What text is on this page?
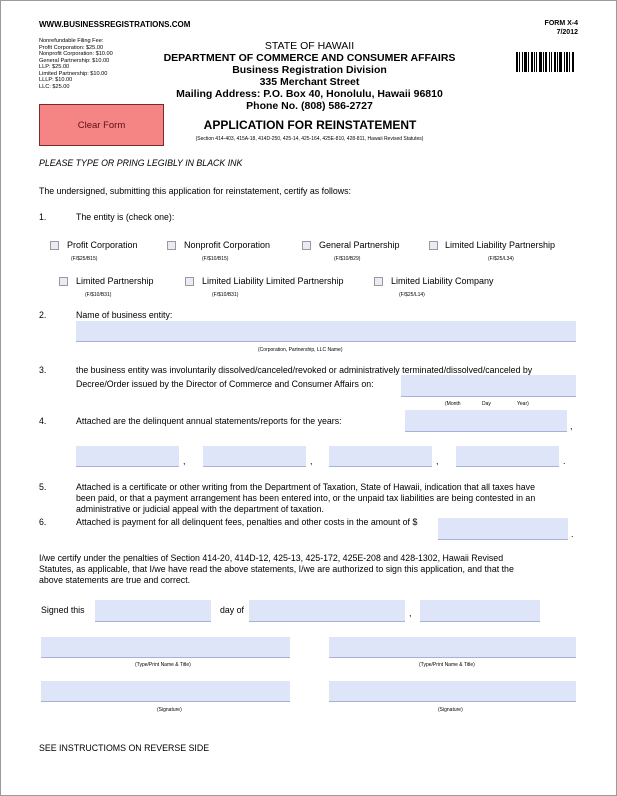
WWW.BUSINESSREGISTRATIONS.COM
Nonrefundable Filing Fee:
Profit Corporation: $25.00
Nonprofit Corporation: $10.00
General Partnership: $10.00
LLP: $25.00
Limited Partnership: $10.00
LLLP: $10.00
LLC: $25.00
FORM X-4
7/2012
STATE OF HAWAII
DEPARTMENT OF COMMERCE AND CONSUMER AFFAIRS
Business Registration Division
335 Merchant Street
Mailing Address: P.O. Box 40, Honolulu, Hawaii 96810
Phone No. (808) 586-2727
Clear Form	APPLICATION FOR REINSTATEMENT
(Section 414-403, 415A-18, 414D-250, 425-14, 425-164, 425E-810, 428-811, Hawaii Revised Statutes)
PLEASE TYPE OR PRING LEGIBLY IN BLACK INK
The undersigned, submitting this application for reinstatement, certify as follows:
1.	The entity is (check one):
Profit Corporation
(F/$25/B15)
Nonprofit Corporation
(F/$10/B15)
General Partnership
(F/$10/B29)
Limited Liability Partnership
(F/$25/L34)
Limited Partnership
(F/$10/B31)
Limited Liability Limited Partnership
(F/$10/B31)
Limited Liability Company
(F/$25/L14)
2.	Name of business entity:
(Corporation, Partnership, LLC Name)
3.	the business entity was involuntarily dissolved/canceled/revoked or administratively terminated/dissolved/canceled by
Decree/Order issued by the Director of Commerce and Consumer Affairs on:
(Month	Day	Year)
4.	Attached are the delinquent annual statements/reports for the years:	,
,	,	,	.
5.	Attached is a certificate or other writing from the Department of Taxation, State of Hawaii, indication that all taxes have
been paid, or that a payment arrangement has been entered into, or the unpaid tax liabilities are being contested in an
administrative or judicial appeal with the department of taxation.
6.	Attached is payment for all delinquent fees, penalties and other costs in the amount of $
.
I/we certify under the penalties of Section 414-20, 414D-12, 425-13, 425-172, 425E-208 and 428-1302, Hawaii Revised
Statutes, as applicable, that I/we have read the above statements, I/we are authorized to sign this application, and that the
above statements are true and correct.
Signed this	day of	,
(Type/Print Name & Title)	(Type/Print Name & Title)
(Signature)	(Signature)
SEE INSTRUCTIOMS ON REVERSE SIDE
